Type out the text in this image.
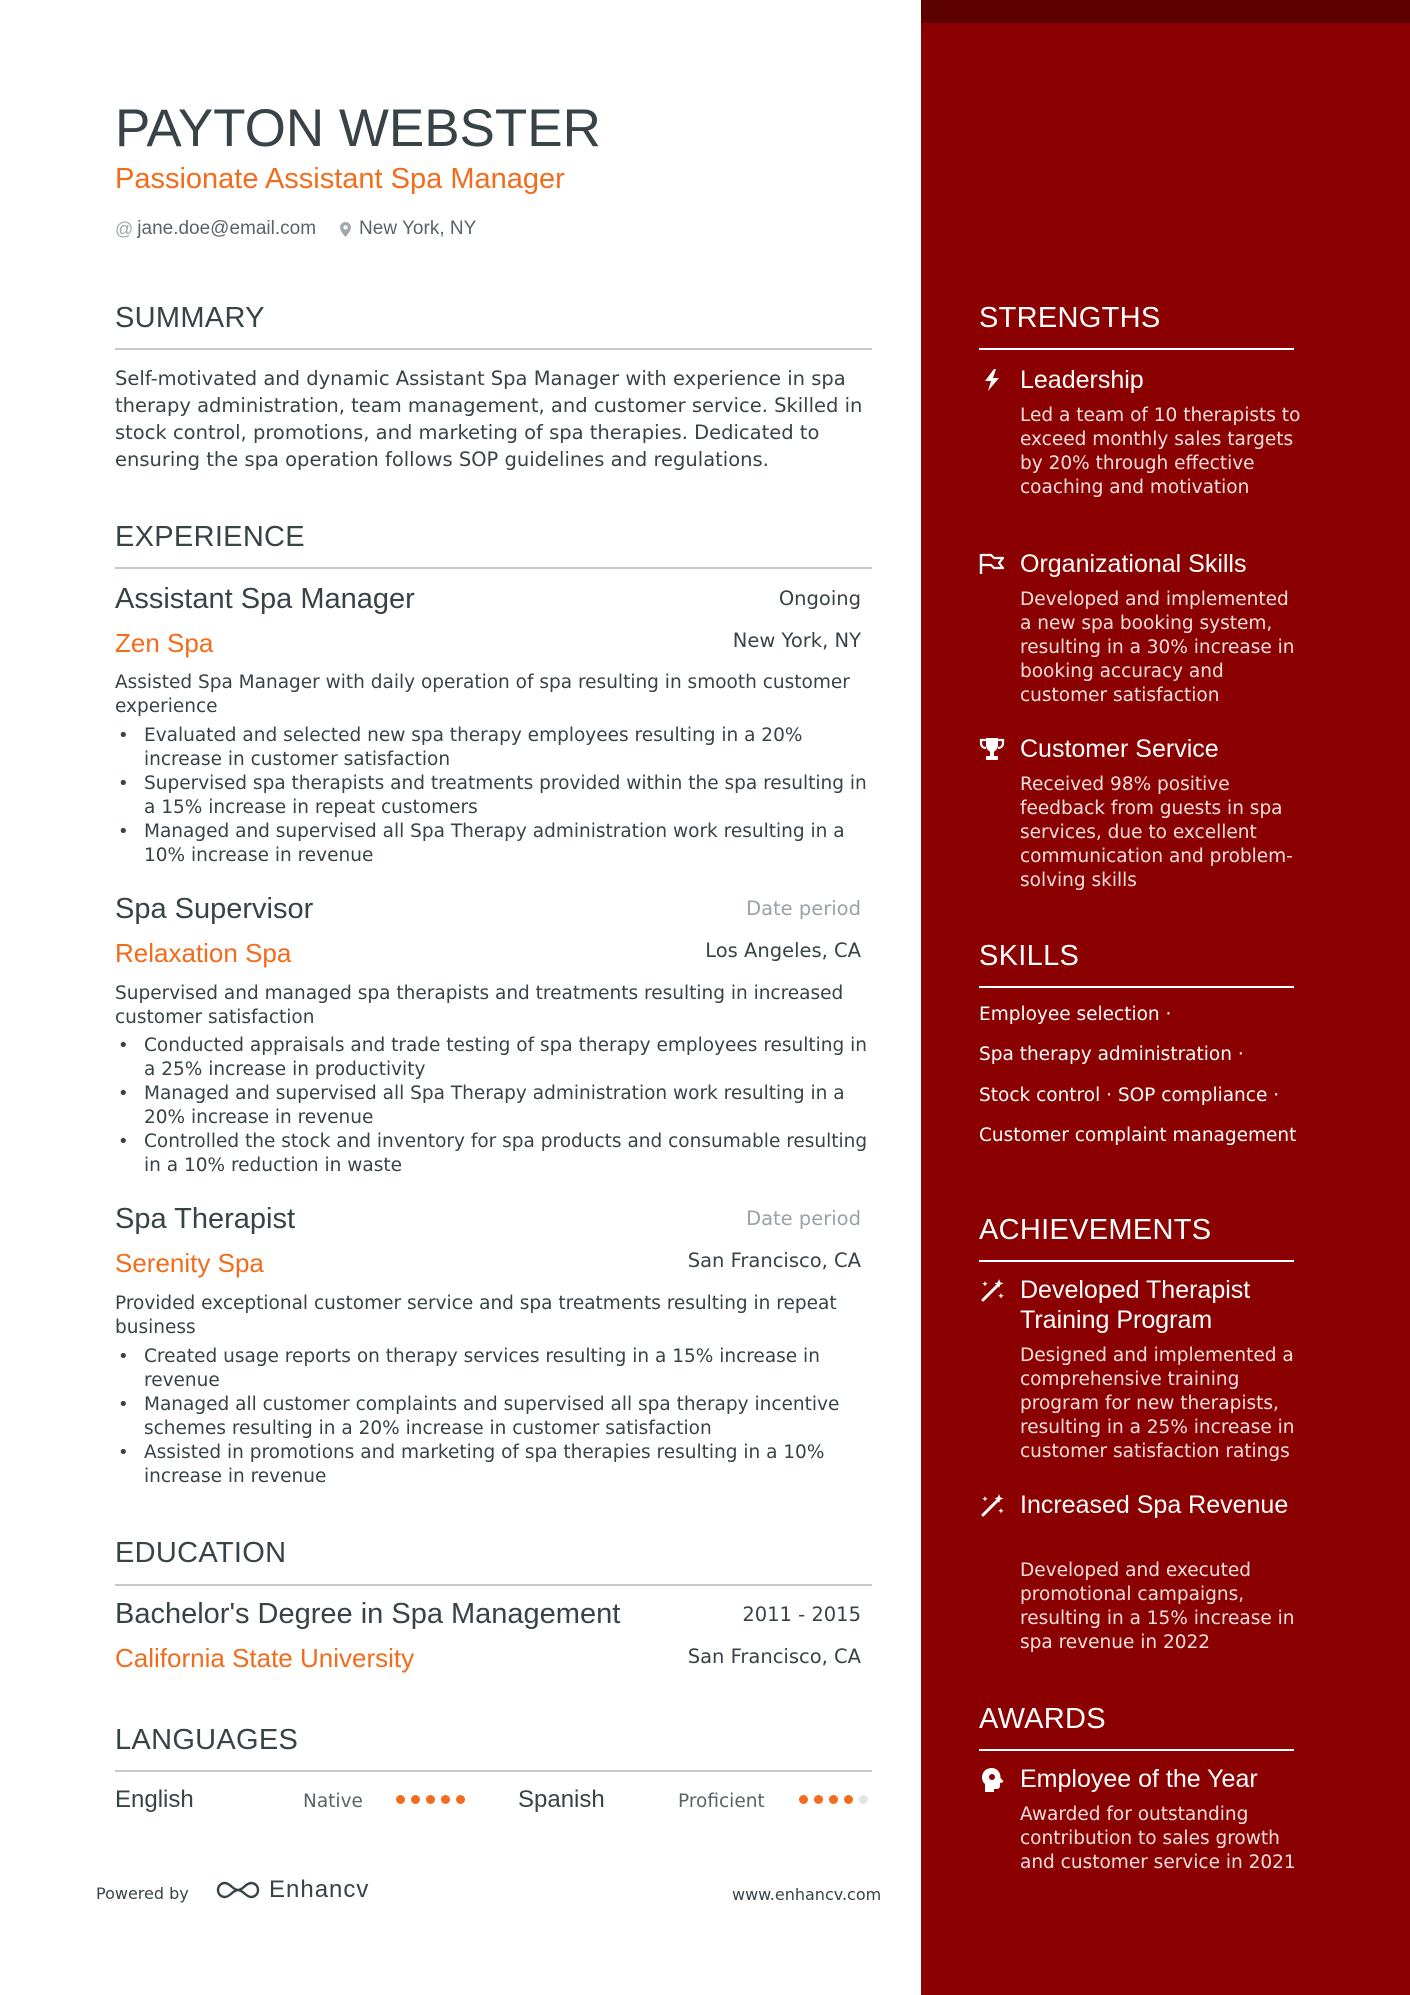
PAYTON WEBSTER
Passionate Assistant Spa Manager
@ jane.doe@email.com New York, NY
SUMMARY
Self-motivated and dynamic Assistant Spa Manager with experience in spa therapy administration, team management, and customer service. Skilled in stock control, promotions, and marketing of spa therapies. Dedicated to ensuring the spa operation follows SOP guidelines and regulations.
EXPERIENCE
Assistant Spa Manager	Ongoing
Zen Spa	New York, NY
Assisted Spa Manager with daily operation of spa resulting in smooth customer experience
• Evaluated and selected new spa therapy employees resulting in a 20% increase in customer satisfaction
• Supervised spa therapists and treatments provided within the spa resulting in a 15% increase in repeat customers
• Managed and supervised all Spa Therapy administration work resulting in a 10% increase in revenue
Spa Supervisor	Date period
Relaxation Spa	Los Angeles, CA
Supervised and managed spa therapists and treatments resulting in increased customer satisfaction
• Conducted appraisals and trade testing of spa therapy employees resulting in a 25% increase in productivity
• Managed and supervised all Spa Therapy administration work resulting in a 20% increase in revenue
• Controlled the stock and inventory for spa products and consumable resulting in a 10% reduction in waste
Spa Therapist	Date period
Serenity Spa	San Francisco, CA
Provided exceptional customer service and spa treatments resulting in repeat business
• Created usage reports on therapy services resulting in a 15% increase in revenue
• Managed all customer complaints and supervised all spa therapy incentive schemes resulting in a 20% increase in customer satisfaction
• Assisted in promotions and marketing of spa therapies resulting in a 10% increase in revenue
EDUCATION
Bachelor's Degree in Spa Management	2011 - 2015
California State University	San Francisco, CA
LANGUAGES
English	Native	Spanish	Proficient
Powered by	Enhancv	www.enhancv.com
STRENGTHS
Leadership
Led a team of 10 therapists to exceed monthly sales targets by 20% through effective coaching and motivation
Organizational Skills
Developed and implemented a new spa booking system, resulting in a 30% increase in booking accuracy and customer satisfaction
Customer Service
Received 98% positive feedback from guests in spa services, due to excellent communication and problem-solving skills
SKILLS
Employee selection ·
Spa therapy administration ·
Stock control · SOP compliance ·
Customer complaint management
ACHIEVEMENTS
Developed Therapist Training Program
Designed and implemented a comprehensive training program for new therapists, resulting in a 25% increase in customer satisfaction ratings
Increased Spa Revenue
Developed and executed promotional campaigns, resulting in a 15% increase in spa revenue in 2022
AWARDS
Employee of the Year
Awarded for outstanding contribution to sales growth and customer service in 2021
